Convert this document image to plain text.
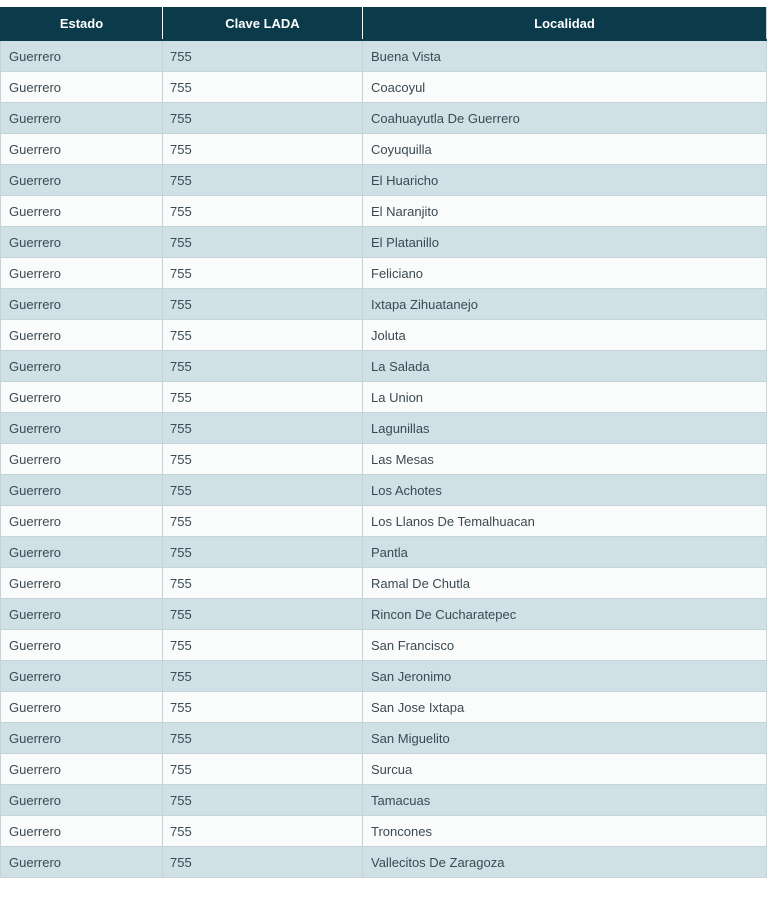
Estado	Clave LADA	Localidad
Guerrero	755	Buena Vista
Guerrero	755	Coacoyul
Guerrero	755	Coahuayutla De Guerrero
Guerrero	755	Coyuquilla
Guerrero	755	El Huaricho
Guerrero	755	El Naranjito
Guerrero	755	El Platanillo
Guerrero	755	Feliciano
Guerrero	755	Ixtapa Zihuatanejo
Guerrero	755	Joluta
Guerrero	755	La Salada
Guerrero	755	La Union
Guerrero	755	Lagunillas
Guerrero	755	Las Mesas
Guerrero	755	Los Achotes
Guerrero	755	Los Llanos De Temalhuacan
Guerrero	755	Pantla
Guerrero	755	Ramal De Chutla
Guerrero	755	Rincon De Cucharatepec
Guerrero	755	San Francisco
Guerrero	755	San Jeronimo
Guerrero	755	San Jose Ixtapa
Guerrero	755	San Miguelito
Guerrero	755	Surcua
Guerrero	755	Tamacuas
Guerrero	755	Troncones
Guerrero	755	Vallecitos De Zaragoza
